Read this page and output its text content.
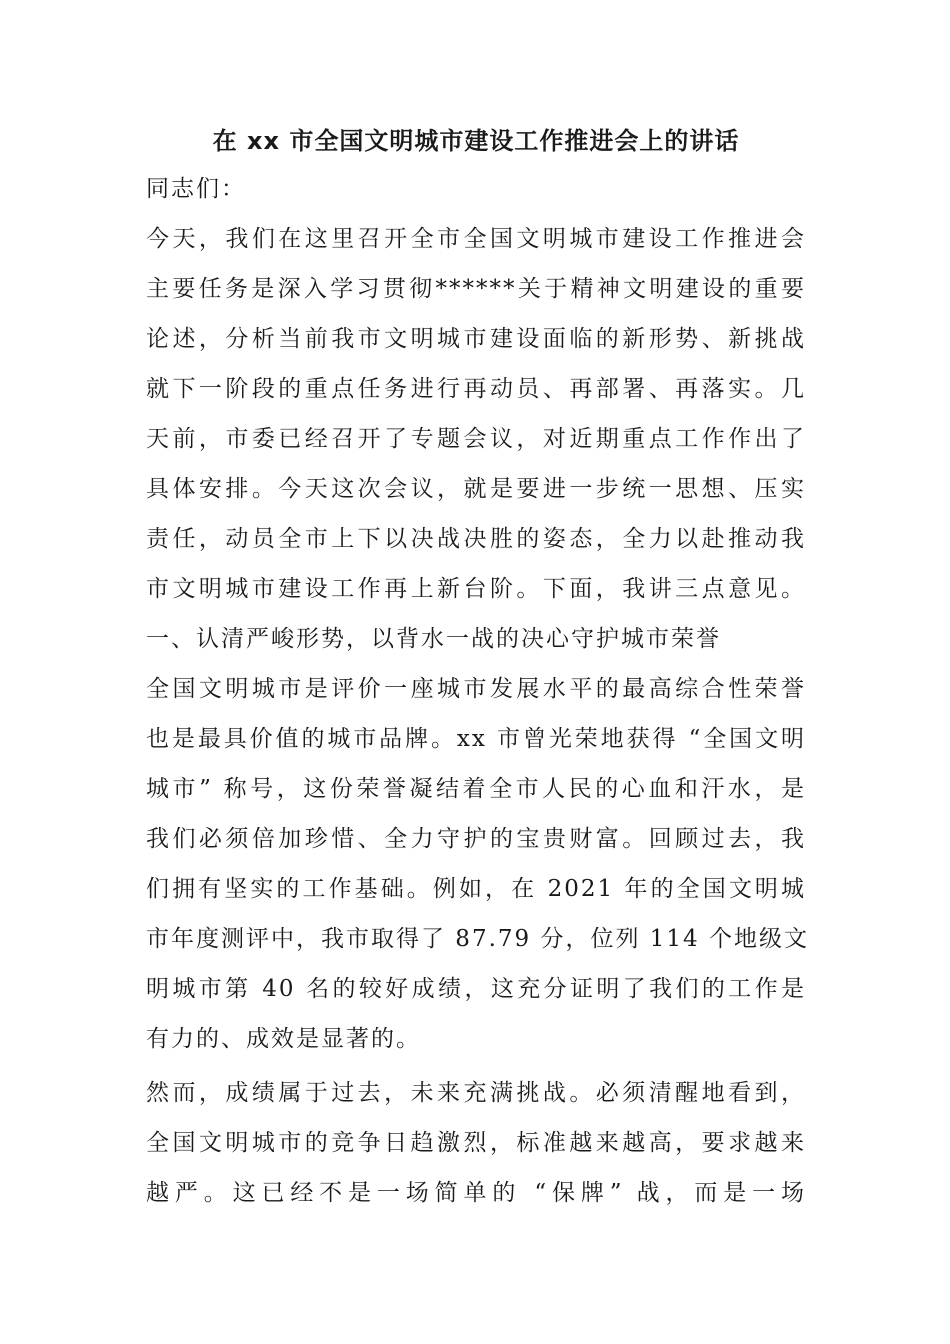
在 xx 市全国文明城市建设工作推进会上的讲话
同志们：
今天，我们在这里召开全市全国文明城市建设工作推进会
主要任务是深入学习贯彻******关于精神文明建设的重要
论述，分析当前我市文明城市建设面临的新形势、新挑战
就下一阶段的重点任务进行再动员、再部署、再落实。几
天前，市委已经召开了专题会议，对近期重点工作作出了
具体安排。今天这次会议，就是要进一步统一思想、压实
责任，动员全市上下以决战决胜的姿态，全力以赴推动我
市文明城市建设工作再上新台阶。下面，我讲三点意见。
一、认清严峻形势，以背水一战的决心守护城市荣誉
全国文明城市是评价一座城市发展水平的最高综合性荣誉
也是最具价值的城市品牌。xx 市曾光荣地获得 “全国文明
城市” 称号，这份荣誉凝结着全市人民的心血和汗水，是
我们必须倍加珍惜、全力守护的宝贵财富。回顾过去，我
们拥有坚实的工作基础。例如，在 2021 年的全国文明城
市年度测评中，我市取得了 87.79 分，位列 114 个地级文
明城市第 40 名的较好成绩，这充分证明了我们的工作是
有力的、成效是显著的。
然而，成绩属于过去，未来充满挑战。必须清醒地看到，
全国文明城市的竞争日趋激烈，标准越来越高，要求越来
越严。这已经不是一场简单的 “保牌” 战，而是一场
